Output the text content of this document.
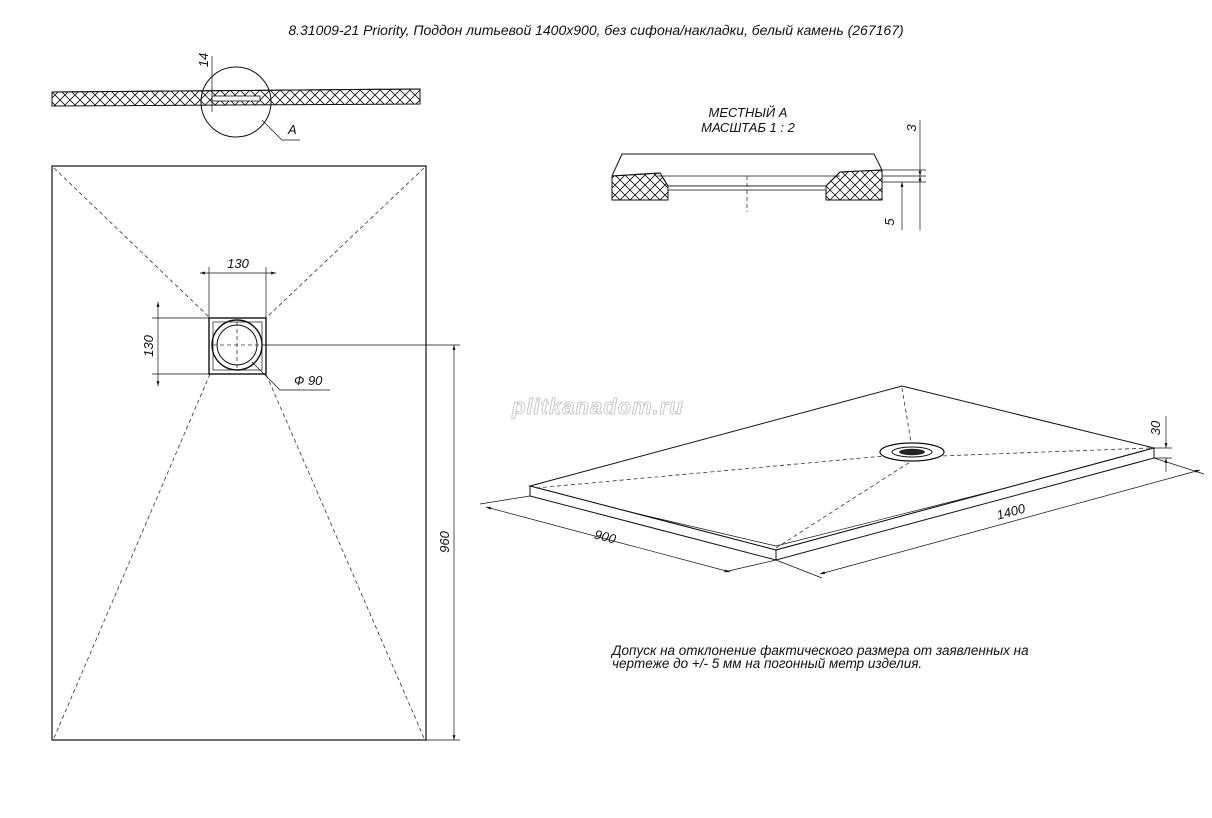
8.31009-21 Priority, Поддон литьевой 1400х900, без сифона/накладки, белый камень (267167)
14
A
130
130
Ф 90
960
МЕСТНЫЙ А
МАСШТАБ 1 : 2	3
5
plitkanadom.ru
900
1400
30
Допуск на отклонение фактического размера от заявленных на
чертеже до +/- 5 мм на погонный метр изделия.
